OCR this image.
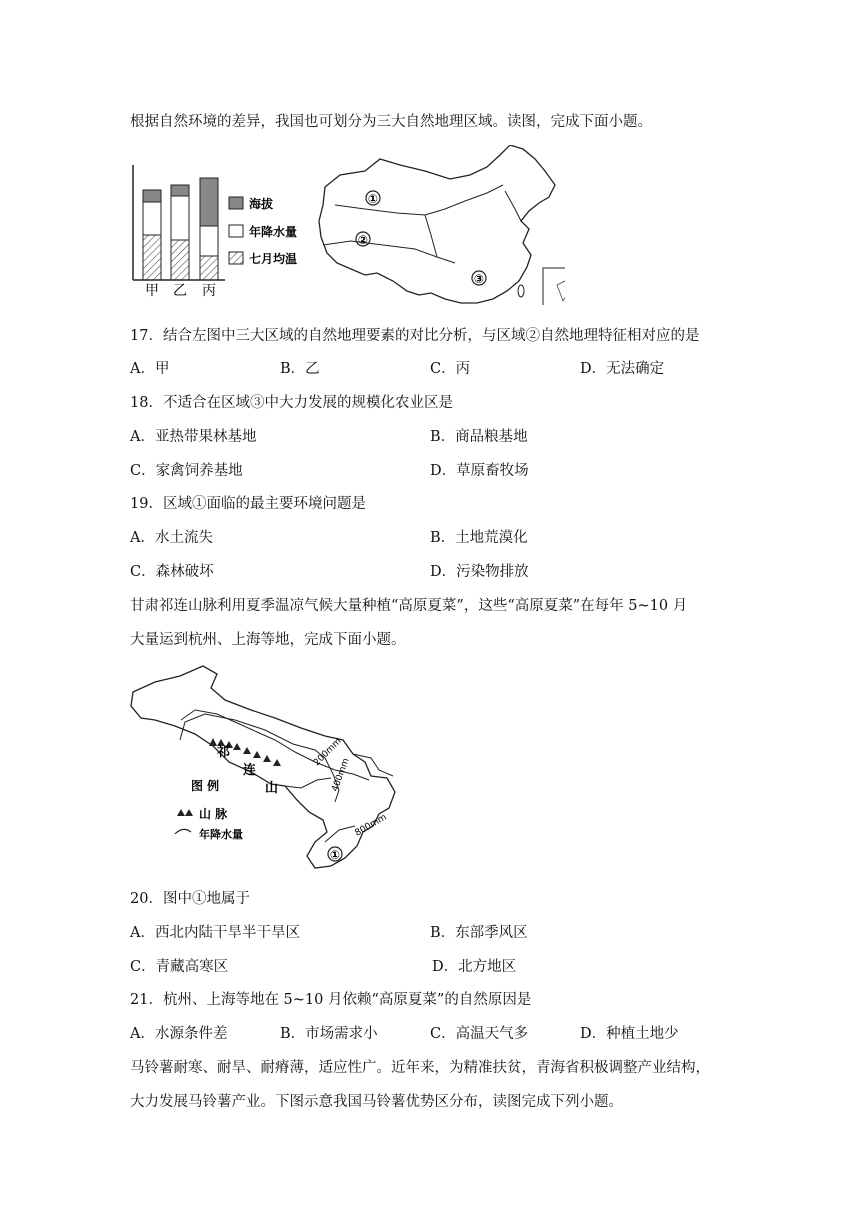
根据自然环境的差异，我国也可划分为三大自然地理区域。读图，完成下面小题。
甲 乙 丙
海拔
年降水量
七月均温
①
②
③
17．结合左图中三大区域的自然地理要素的对比分析，与区域②自然地理特征相对应的是
A．甲	B．乙	C．丙	D．无法确定
18．不适合在区域③中大力发展的规模化农业区是
A．亚热带果林基地	B．商品粮基地
C．家禽饲养基地	D．草原畜牧场
19．区域①面临的最主要环境问题是
A．水土流失	B．土地荒漠化
C．森林破坏	D．污染物排放
甘肃祁连山脉利用夏季温凉气候大量种植“高原夏菜”，这些“高原夏菜”在每年 5~10 月
大量运到杭州、上海等地，完成下面小题。
200mm
400mm
800mm
祁
连
山
图 例
山 脉
年降水量
①
20．图中①地属于
A．西北内陆干旱半干旱区	B．东部季风区
C．青藏高寒区	D．北方地区
21．杭州、上海等地在 5~10 月依赖“高原夏菜”的自然原因是
A．水源条件差	B．市场需求小	C．高温天气多	D．种植土地少
马铃薯耐寒、耐旱、耐瘠薄，适应性广。近年来，为精准扶贫，青海省积极调整产业结构，
大力发展马铃薯产业。下图示意我国马铃薯优势区分布，读图完成下列小题。
